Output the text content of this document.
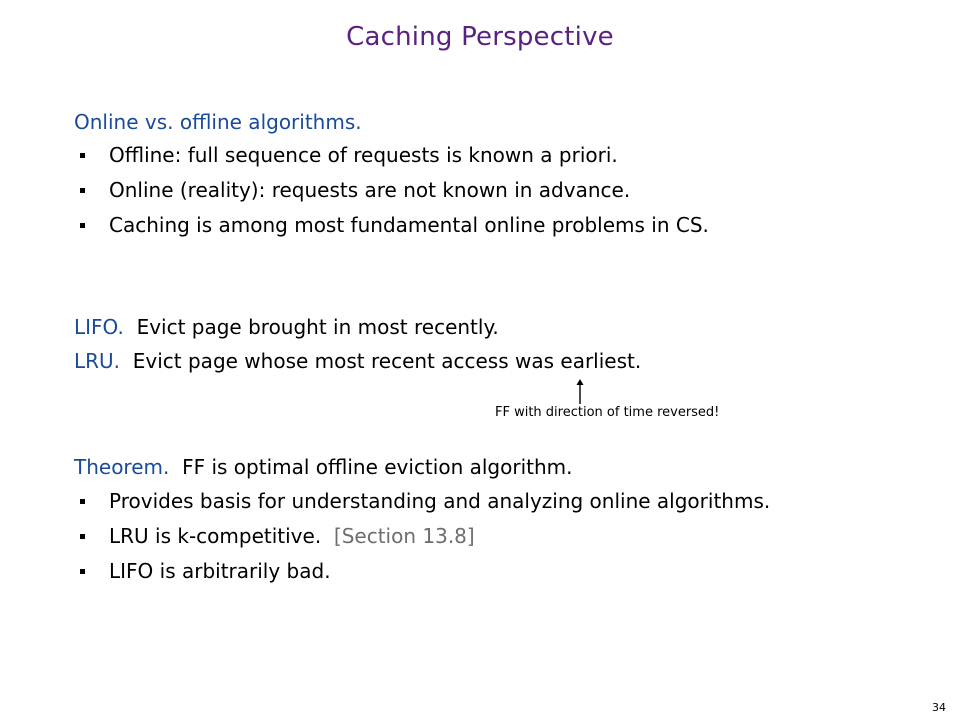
Caching Perspective
Online vs. offline algorithms.
Offline: full sequence of requests is known a priori.
Online (reality): requests are not known in advance.
Caching is among most fundamental online problems in CS.
LIFO. Evict page brought in most recently.
LRU. Evict page whose most recent access was earliest.
FF with direction of time reversed!
Theorem. FF is optimal offline eviction algorithm.
Provides basis for understanding and analyzing online algorithms.
LRU is k-competitive. [Section 13.8]
LIFO is arbitrarily bad.
34
